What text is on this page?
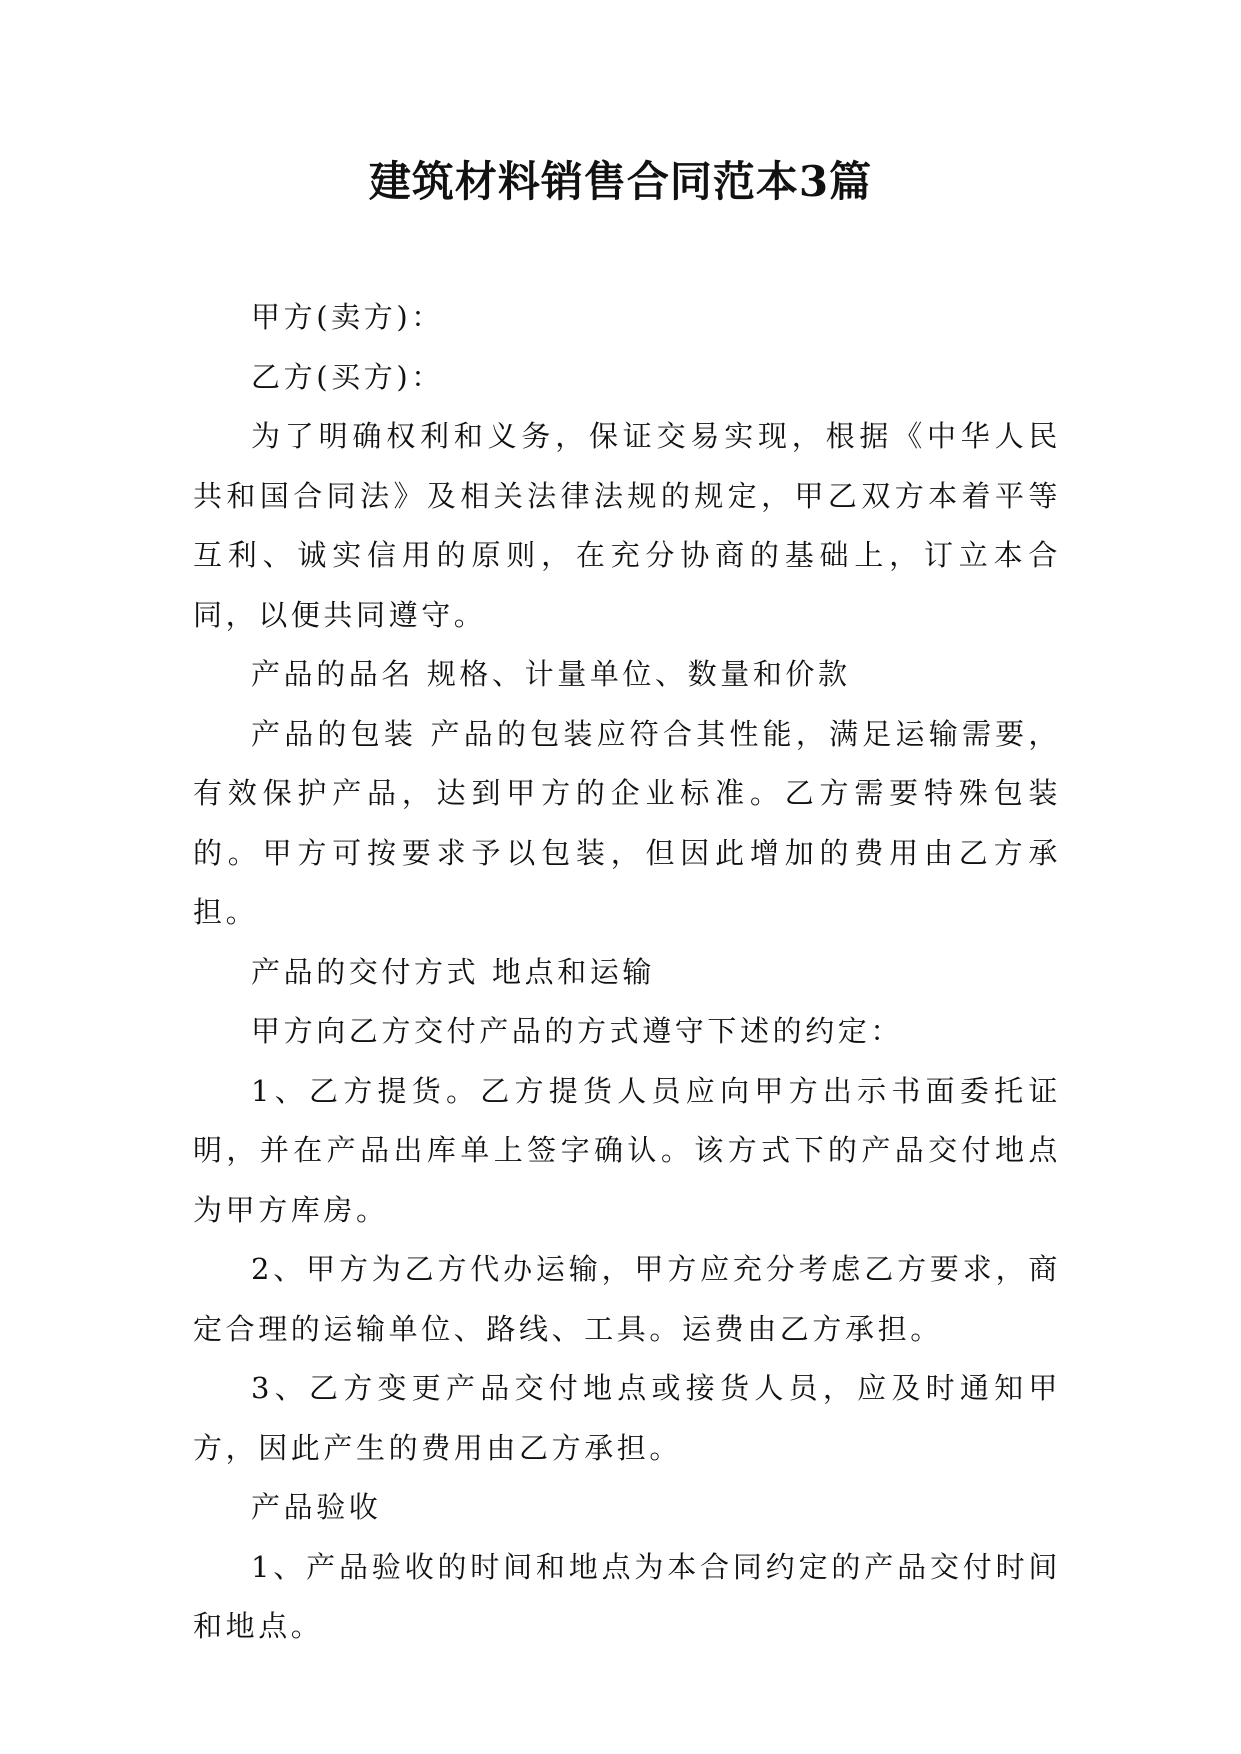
建筑材料销售合同范本3篇

甲方(卖方)：

乙方(买方)：

为了明确权利和义务，保证交易实现，根据《中华人民共和国合同法》及相关法律法规的规定，甲乙双方本着平等互利、诚实信用的原则，在充分协商的基础上，订立本合同，以便共同遵守。

产品的品名 规格、计量单位、数量和价款

产品的包装 产品的包装应符合其性能，满足运输需要，有效保护产品，达到甲方的企业标准。乙方需要特殊包装的。甲方可按要求予以包装，但因此增加的费用由乙方承担。

产品的交付方式 地点和运输

甲方向乙方交付产品的方式遵守下述的约定：

1、乙方提货。乙方提货人员应向甲方出示书面委托证明，并在产品出库单上签字确认。该方式下的产品交付地点为甲方库房。

2、甲方为乙方代办运输，甲方应充分考虑乙方要求，商定合理的运输单位、路线、工具。运费由乙方承担。

3、乙方变更产品交付地点或接货人员，应及时通知甲方，因此产生的费用由乙方承担。

产品验收

1、产品验收的时间和地点为本合同约定的产品交付时间和地点。
